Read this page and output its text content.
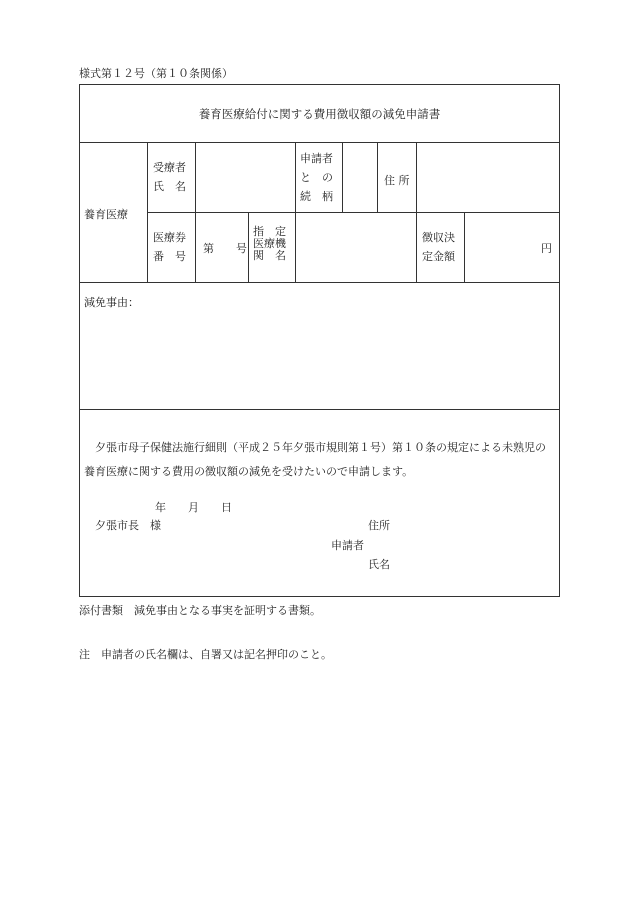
様式第１２号（第１０条関係）
養育医療給付に関する費用徴収額の減免申請書
養育医療
受療者
氏　名
申請者
と　の
続　柄
住 所
医療券
番　号
第　　号
指　定
医療機
関　名
徴収決
定金額
円
減免事由：
夕張市母子保健法施行細則（平成２５年夕張市規則第１号）第１０条の規定による未熟児の養育医療に関する費用の徴収額の減免を受けたいので申請します。
年　　月　　日
夕張市長　様	住所
申請者
氏名
添付書類　減免事由となる事実を証明する書類。
注　申請者の氏名欄は、自署又は記名押印のこと。
